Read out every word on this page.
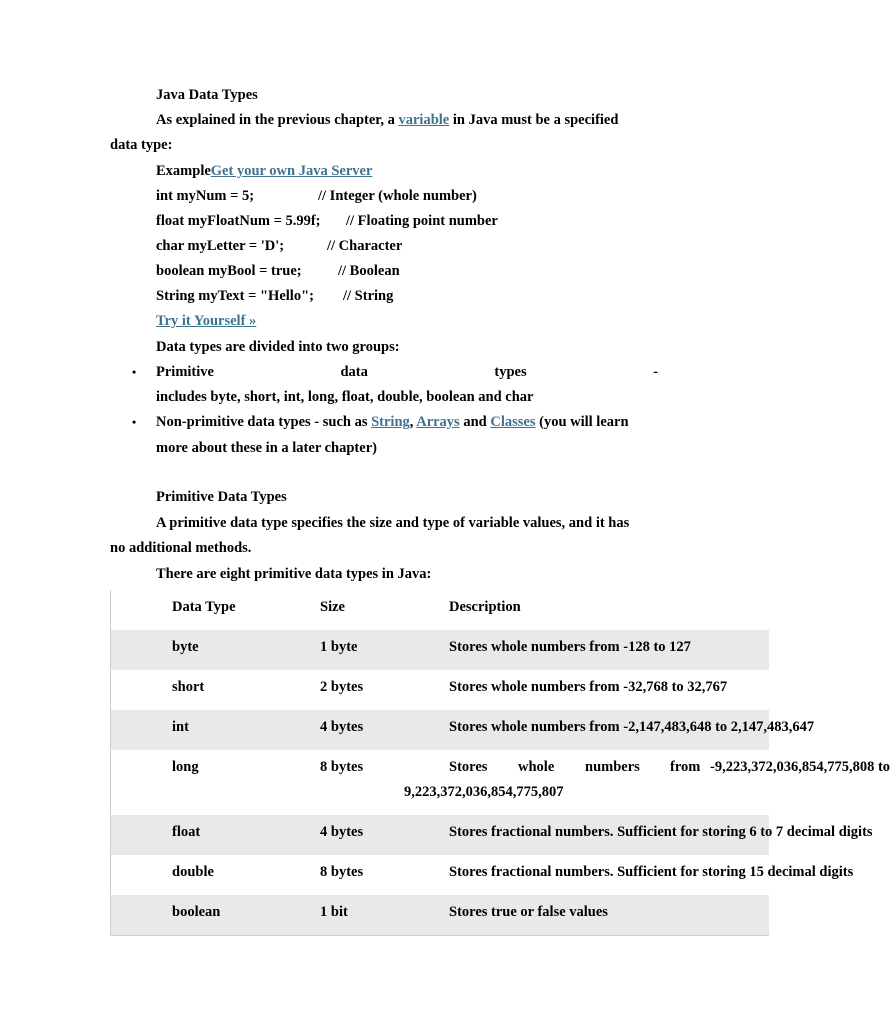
Java Data Types
As explained in the previous chapter, a variable in Java must be a specified
data type:
ExampleGet your own Java Server
int myNum = 5;	// Integer (whole number)
float myFloatNum = 5.99f; // Floating point number
char myLetter = 'D';	// Character
boolean myBool = true;	// Boolean
String myText = "Hello"; // String
Try it Yourself »
Data types are divided into two groups:
• Primitive	data	types	-
includes byte, short, int, long, float, double, boolean and char
• Non-primitive data types - such as String, Arrays and Classes (you will learn
more about these in a later chapter)
Primitive Data Types
A primitive data type specifies the size and type of variable values, and it has
no additional methods.
There are eight primitive data types in Java:
Data Type	Size	Description
byte	1 byte	Stores whole numbers from -128 to 127
short	2 bytes	Stores whole numbers from -32,768 to 32,767
int	4 bytes	Stores whole numbers from -2,147,483,648 to 2,147,483,647
long	8 bytes	Stores whole numbers from -9,223,372,036,854,775,808 to
9,223,372,036,854,775,807
float	4 bytes	Stores fractional numbers. Sufficient for storing 6 to 7 decimal digits
double	8 bytes	Stores fractional numbers. Sufficient for storing 15 decimal digits
boolean	1 bit	Stores true or false values
